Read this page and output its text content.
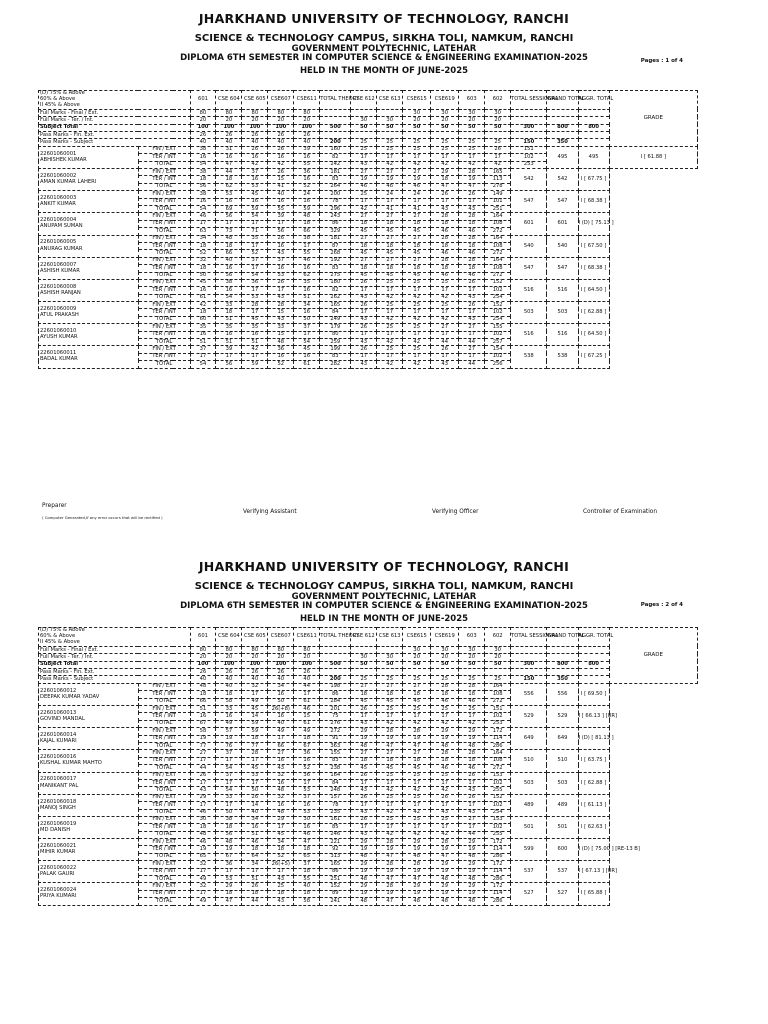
JHARKHAND UNIVERSITY OF TECHNOLOGY, RANCHI
SCIENCE & TECHNOLOGY CAMPUS, SIRKHA TOLI, NAMKUM, RANCHI
GOVERNMENT POLYTECHNIC, LATEHAR
DIPLOMA 6TH SEMESTER IN COMPUTER SCIENCE & ENGINEERING EXAMINATION-2025
HELD IN THE MONTH OF JUNE-2025
Pages : 1 of 4
(D) 75% & Above
60% & Above
II 45% & Above		601	CSE 604	CSE 605	CSE607	CSE611	TOTAL THEORY	CSE 612	CSE 613	CSE615	CSE619	603	602	TOTAL SESSIONAL	GRAND TOTAL	AGGR. TOTAL	GRADE
Full Marks - Final / Ext.		80	80	80	80	80				30	30	30	30				
Full Marks - Ter. / Int.		20	20	20	20	20		30	30	20	20	20	20				
Subject Total		100	100	100	100	100	500	50	50	50	50	50	50	300	800	800	
Pass Marks - Fin. Ext.		26	26	26	26	26											
Pass Marks - Subject		40	40	40	40	40	200	25	25	25	25	25	25	150	350		

22601060001
ABHISHEK KUMAR	FIN / EXT	38	31	26	26	39	160	25	25	25	25	25	26	151	495	495	I [ 61.88 ]
	TER / INT	16	16	16	16	16	82	17	17	17	17	17	17	102			
	TOTAL	54	47	42	42	55	242	43	42	42	42	42	42	253			

22601060002
AMAN KUMAR LAHERI	FIN / EXT	38	44	37	26	36	181	27	27	27	29	28	165	542	542	I [ 67.75 ]	
	TER / INT	18	18	16	15	16	83	19	19	19	18	19	113				
	TOTAL	56	62	53	41	52	264	46	46	46	47	47	278				

22601060003
ANKIT KUMAR	FIN / EXT	38	53	45	40	24	200	25	24	24	26	26	149	547	547	I [ 68.38 ]	
	TER / INT	16	16	16	16	16	78	17	17	17	17	17	101				
	TOTAL	54	69	59	55	59	296	42	41	41	43	43	251				

22601060004
ANUPAM SUMAN	FIN / EXT	46	56	54	39	48	243	27	27	27	28	28	164	601	601	I (D) [ 75.13 ]	
	TER / INT	17	17	17	17	18	86	18	18	18	18	18	108				
	TOTAL	63	73	71	56	66	329	45	45	45	46	46	272				

22601060005
ANURAG KUMAR	FIN / EXT	34	48	35	26	38	181	27	27	27	28	28	164	540	540	I [ 67.50 ]	
	TER / INT	18	18	17	16	17	87	18	18	18	18	18	108				
	TOTAL	52	66	52	43	55	268	45	45	45	46	46	272				

22601060007
ASHISH KUMAR	FIN / EXT	32	40	37	37	46	192	27	27	27	28	28	164	547	547	I [ 68.38 ]	
	TER / INT	18	16	17	16	16	83	18	18	18	18	18	108				
	TOTAL	50	56	54	53	62	275	45	45	45	46	46	272				

22601060008
ASHISH RANJAN	FIN / EXT	45	38	36	26	35	180	26	25	25	25	26	152	516	516	I [ 64.50 ]	
	TER / INT	16	16	17	17	16	82	17	17	17	17	17	102				
	TOTAL	61	54	53	43	51	262	43	42	42	42	43	254				

22601060009
ATUL PRAKASH	FIN / EXT	42	33	28	28	34	165	26	25	25	25	26	152	503	503	I [ 62.88 ]	
	TER / INT	18	18	17	15	16	84	17	17	17	17	17	102				
	TOTAL	60	51	45	43	50	249	43	42	42	42	43	254				

22601060010
AYUSH KUMAR	FIN / EXT	35	35	35	33	37	179	26	25	25	27	27	155	516	516	I [ 64.50 ]	
	TER / INT	16	16	16	15	17	80	17	17	17	17	17	102				
	TOTAL	51	51	51	48	54	259	43	42	42	44	44	257				

22601060011
BADAL KUMAR	FIN / EXT	37	39	42	36	45	199	26	25	25	26	27	154	538	538	I [ 67.25 ]	
	TER / INT	17	17	17	16	16	83	17	17	17	17	17	102				
	TOTAL	54	56	59	52	61	282	43	42	42	43	44	256				
Preparer
( Computer Generated,If any error occurs that will be rectified )
Verifying Assistant	Verifying Officer	Controller of Examination
JHARKHAND UNIVERSITY OF TECHNOLOGY, RANCHI
SCIENCE & TECHNOLOGY CAMPUS, SIRKHA TOLI, NAMKUM, RANCHI
GOVERNMENT POLYTECHNIC, LATEHAR
DIPLOMA 6TH SEMESTER IN COMPUTER SCIENCE & ENGINEERING EXAMINATION-2025
HELD IN THE MONTH OF JUNE-2025
Pages : 2 of 4
(D) 75% & Above
60% & Above
II 45% & Above		601	CSE 604	CSE 605	CSE607	CSE611	TOTAL THEORY	CSE 612	CSE 613	CSE615	CSE619	603	602	TOTAL SESSIONAL	GRAND TOTAL	AGGR. TOTAL	GRADE
Full Marks - Final / Ext.		80	80	80	80	80				30	30	30	30				
Full Marks - Ter. / Int.		20	20	20	20	20		30	30	20	20	20	20				
Subject Total		100	100	100	100	100	500	50	50	50	50	50	50	300	800	800	
Pass Marks - Fin. Ext.		26	26	26	26	26											
Pass Marks - Subject		40	40	40	40	40	200	25	25	25	25	25	25	150	350		

22601060012
DEEPAK KUMAR YADAV	FIN / EXT	48	40	32	34	44	198	27	27	27	28	28	164	556	556	I [ 69.50 ]	
	TER / INT	18	18	17	16	17	86	18	18	18	18	18	108				
	TOTAL	66	58	49	50	61	284	45	45	45	46	46	272				

22601060013
GOVIND MANDAL	FIN / EXT	51	33	45	26(+8)	46	201	26	25	25	25	25	151	529	529	I [ 66.13 ] [UR]	
	TER / INT	16	16	14	16	15	75	17	17	17	17	17	102				
	TOTAL	67	49	59	40	61	276	43	42	42	42	42	253				

22601060014
KAJAL KUMARI	FIN / EXT	58	57	59	49	49	272	29	28	28	29	29	172	649	649	I (D) [ 81.13 ]	
	TER / INT	19	19	18	17	18	91	19	19	19	19	19	114				
	TOTAL	77	76	77	66	67	363	48	47	47	48	48	286				

22601060016
KUSHAL KUMAR MAHTO	FIN / EXT	27	37	28	27	36	155	27	27	27	28	28	164	510	510	I [ 63.75 ]	
	TER / INT	17	17	17	16	16	83	18	18	18	18	18	108				
	TOTAL	44	54	45	43	52	238	45	45	45	46	46	272				

22601060017
MANIKANT PAL	FIN / EXT	26	37	33	32	36	164	26	25	25	25	26	153	503	503	I [ 62.88 ]	
	TER / INT	17	17	17	16	17	84	17	17	17	17	17	102				
	TOTAL	43	54	50	48	53	248	43	42	42	42	43	255				

22601060018
MANOJ SINGH	FIN / EXT	29	33	26	32	37	157	26	25	25	26	26	152	489	489	I [ 61.13 ]	
	TER / INT	17	17	14	16	16	78	17	17	17	17	17	102				
	TOTAL	46	50	40	48	53	235	43	42	42	43	43	254				

22601060019
MD DANISH	FIN / EXT	30	38	34	29	30	161	26	25	25	25	27	153	501	501	I [ 62.63 ]	
	TER / INT	18	18	16	17	16	85	17	17	17	17	17	102				
	TOTAL	48	56	51	45	46	246	43	42	42	42	44	255				

22601060021
MIHIR KUMAR	FIN / EXT	46	48	46	34	47	221	29	28	29	28	29	172	599	600	I (D) [ 75.00 ] [RE-13 B]	
	TER / INT	19	19	18	18	18	92	19	19	19	19	19	114				
	TOTAL	65	67	64	52	65	313	48	47	48	47	48	286				

22601060022
PALAK GAURI	FIN / EXT	32	36	34	26(+5)	37	165	29	28	28	29	29	172	537	537	I [ 67.13 ] [UR]	
	TER / INT	17	17	17	17	18	86	19	19	19	19	19	114				
	TOTAL	49	53	51	43	55	251	48	47	47	48	48	286				

22601060024
PRIYA KUMARI	FIN / EXT	32	29	26	25	40	152	29	28	29	29	29	172	527	527	I [ 65.88 ]	
	TER / INT	17	18	18	18	18	89	19	19	19	19	19	114				
	TOTAL	49	47	44	43	58	241	48	47	48	48	48	286				
